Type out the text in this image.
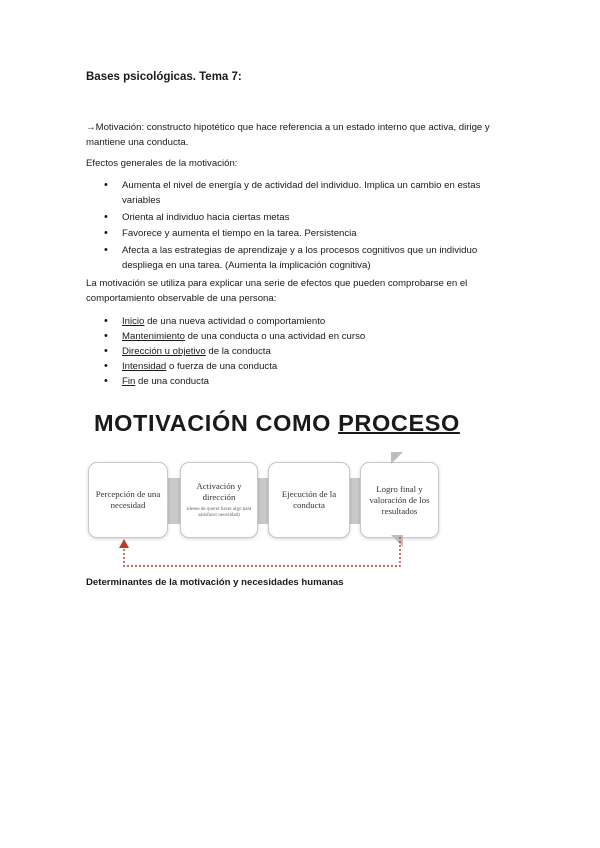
Bases psicológicas. Tema 7:
→Motivación: constructo hipotético que hace referencia a un estado interno que activa, dirige y mantiene una conducta.
Efectos generales de la motivación:
• Aumenta el nivel de energía y de actividad del individuo. Implica un cambio en estas variables
• Orienta al individuo hacia ciertas metas
• Favorece y aumenta el tiempo en la tarea. Persistencia
• Afecta a las estrategias de aprendizaje y a los procesos cognitivos que un individuo despliega en una tarea. (Aumenta la implicación cognitiva)
La motivación se utiliza para explicar una serie de efectos que pueden comprobarse en el comportamiento observable de una persona:
• Inicio de una nueva actividad o comportamiento
• Mantenimiento de una conducta o una actividad en curso
• Dirección u objetivo de la conducta
• Intensidad o fuerza de una conducta
• Fin de una conducta
MOTIVACIÓN COMO PROCESO
Percepción de una necesidad
Activación y dirección
(deseo de querer hacer algo para satisfacer necesidad)
Ejecución de la conducta
Logro final y valoración de los resultados
Determinantes de la motivación y necesidades humanas
